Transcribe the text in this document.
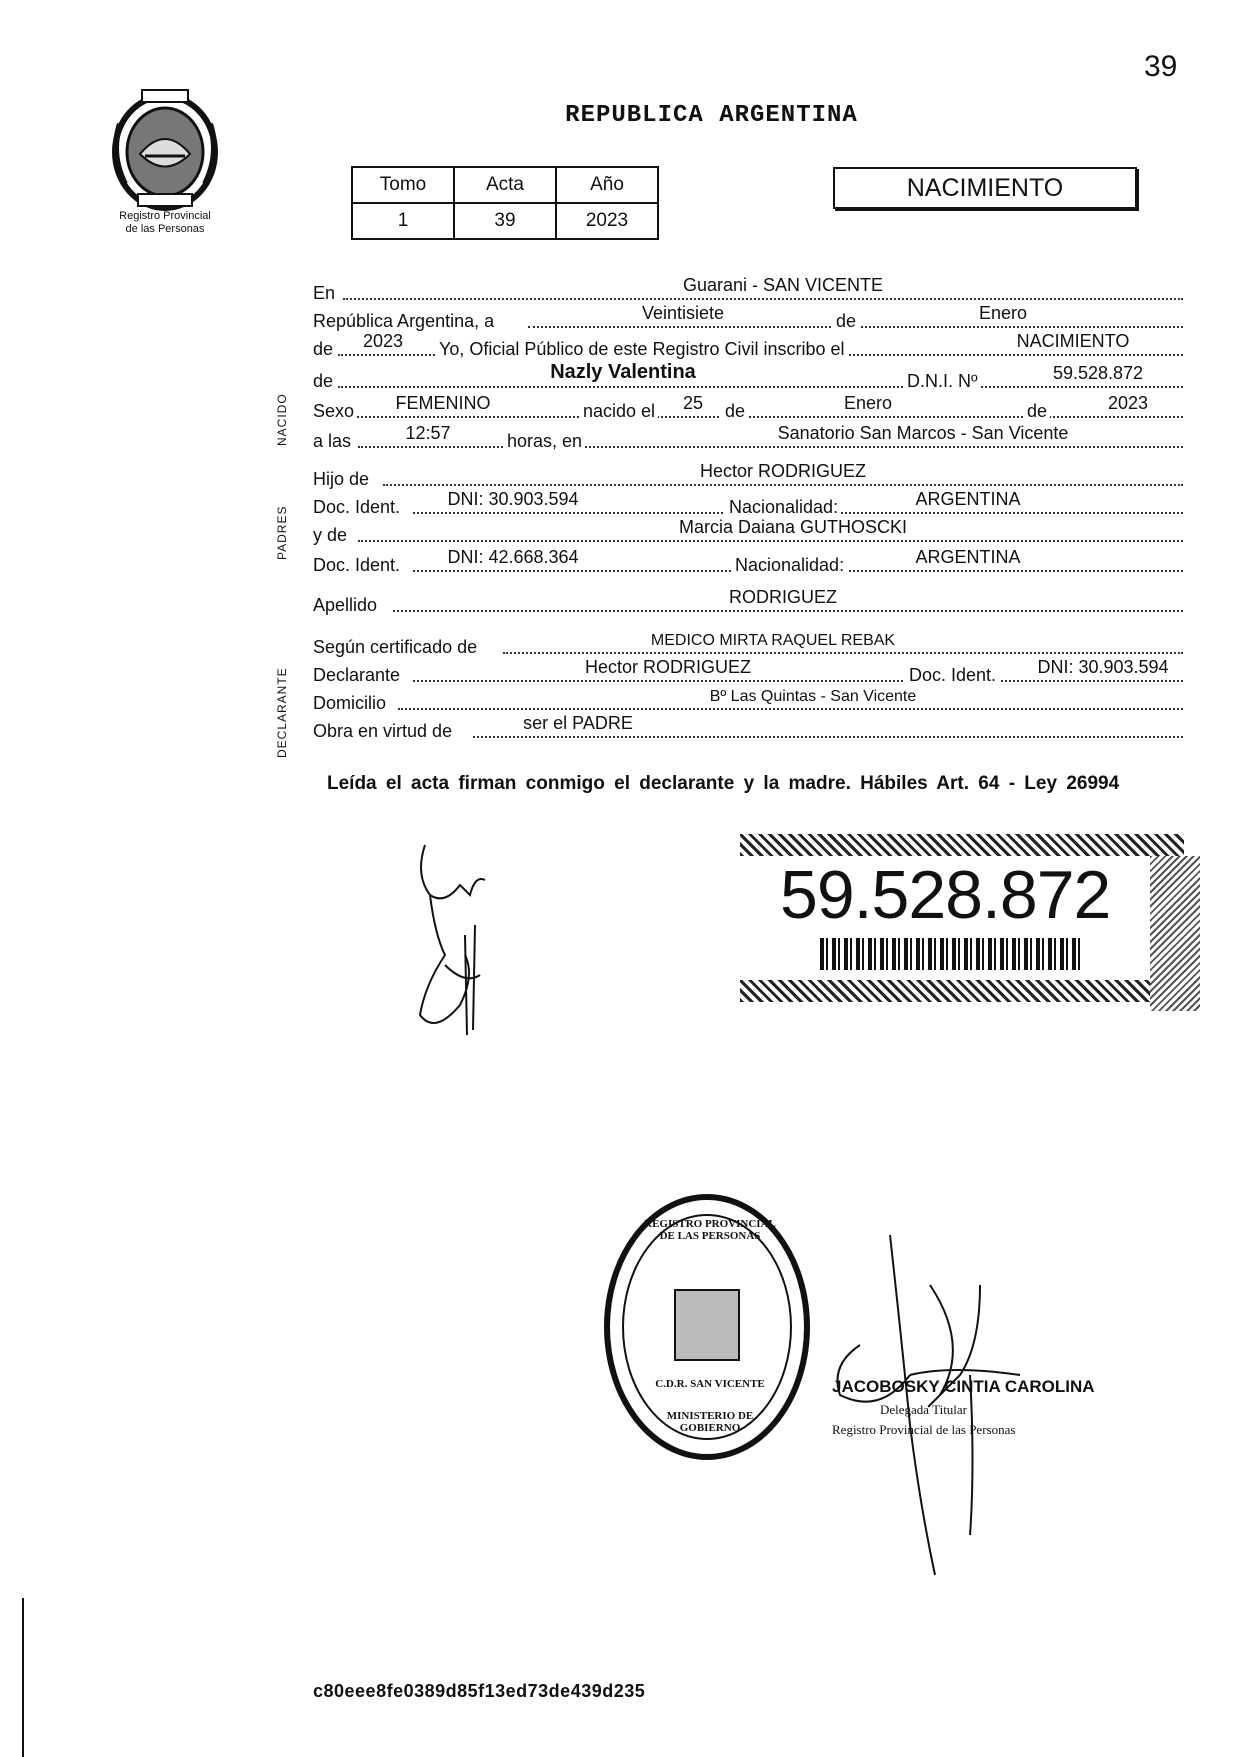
39
REPUBLICA ARGENTINA
Registro Provincial
de las Personas
Tomo	Acta	Año
1	39	2023
NACIMIENTO
NACIDO
PADRES
DECLARANTE
En	Guarani - SAN VICENTE
República Argentina, a	Veintisiete	de	Enero
de	2023	Yo, Oficial Público de este Registro Civil inscribo el	NACIMIENTO
de	Nazly Valentina	D.N.I. Nº	59.528.872
Sexo	FEMENINO	nacido el	25	de	Enero	de	2023
a las	12:57	horas, en	Sanatorio San Marcos - San Vicente
Hijo de	Hector RODRIGUEZ
Doc. Ident.	DNI: 30.903.594	Nacionalidad:	ARGENTINA
y de	Marcia Daiana GUTHOSCKI
Doc. Ident.	DNI: 42.668.364	Nacionalidad:	ARGENTINA
Apellido	RODRIGUEZ
Según certificado de	MEDICO MIRTA RAQUEL REBAK
Declarante	Hector RODRIGUEZ	Doc. Ident.	DNI: 30.903.594
Domicilio	Bº Las Quintas - San Vicente
Obra en virtud de	ser el PADRE
Leída el acta firman conmigo el declarante y la madre. Hábiles Art. 64 - Ley 26994
59.528.872
REGISTRO PROVINCIAL DE LAS PERSONAS
C.D.R. SAN VICENTE
MINISTERIO DE GOBIERNO
JACOBOSKY CINTIA CAROLINA
Delegada Titular
Registro Provincial de las Personas
c80eee8fe0389d85f13ed73de439d235
